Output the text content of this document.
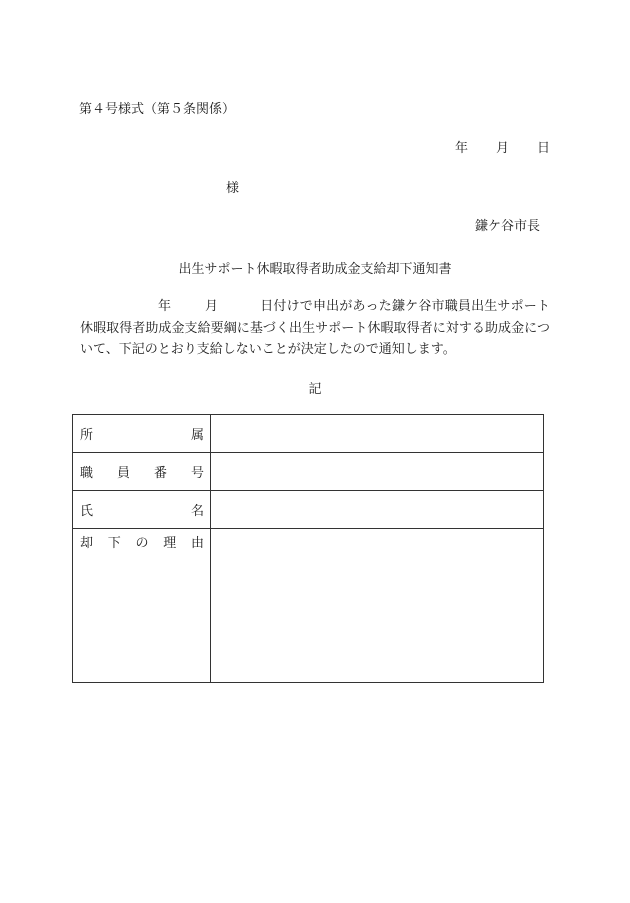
第４号様式（第５条関係）
年 月 日
様
鎌ケ谷市長
出生サポート休暇取得者助成金支給却下通知書
年	月	日付けで申出があった鎌ケ谷市職員出生サポート休暇取得者助成金支給要綱に基づく出生サポート休暇取得者に対する助成金について、下記のとおり支給しないことが決定したので通知します。
記
所 属	

職 員 番 号	

氏 名	

却 下 の 理 由	
